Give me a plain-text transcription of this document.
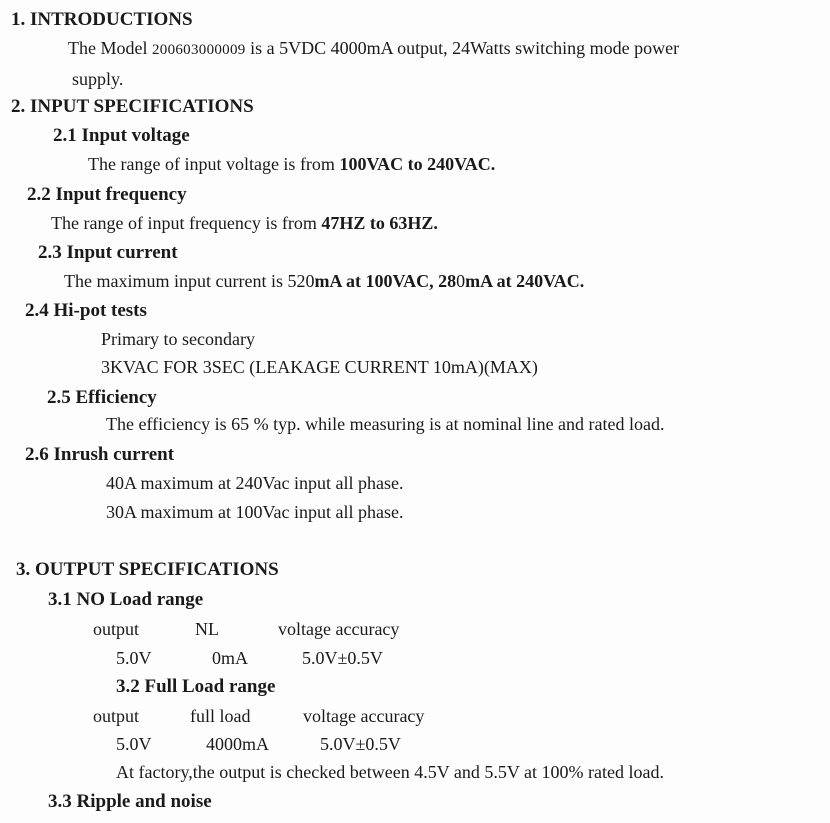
1. INTRODUCTIONS
The Model 200603000009 is a 5VDC 4000mA output, 24Watts switching mode power
supply.
2. INPUT SPECIFICATIONS
2.1 Input voltage
The range of input voltage is from 100VAC to 240VAC.
2.2 Input frequency
The range of input frequency is from 47HZ to 63HZ.
2.3 Input current
The maximum input current is 520mA at 100VAC, 280mA at 240VAC.
2.4 Hi-pot tests
Primary to secondary
3KVAC FOR 3SEC (LEAKAGE CURRENT 10mA)(MAX)
2.5 Efficiency
The efficiency is 65 % typ. while measuring is at nominal line and rated load.
2.6 Inrush current
40A maximum at 240Vac input all phase.
30A maximum at 100Vac input all phase.
3. OUTPUT SPECIFICATIONS
3.1 NO Load range
output	NL	voltage accuracy
5.0V	0mA	5.0V±0.5V
3.2 Full Load range
output	full load	voltage accuracy
5.0V	4000mA	5.0V±0.5V
At factory,the output is checked between 4.5V and 5.5V at 100% rated load.
3.3 Ripple and noise
